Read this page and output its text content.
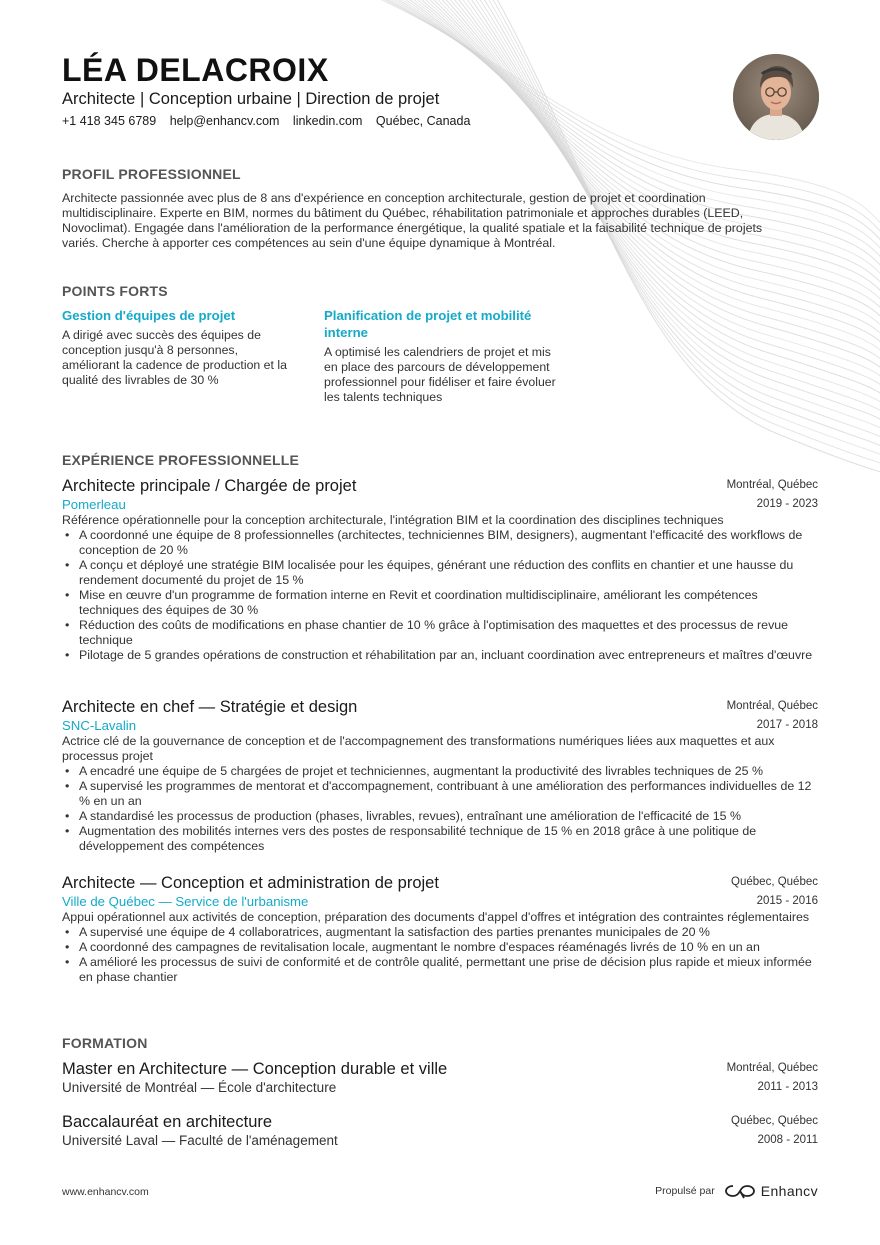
LÉA DELACROIX
Architecte | Conception urbaine | Direction de projet
+1 418 345 6789 help@enhancv.com linkedin.com Québec, Canada
PROFIL PROFESSIONNEL
Architecte passionnée avec plus de 8 ans d'expérience en conception architecturale, gestion de projet et coordination multidisciplinaire. Experte en BIM, normes du bâtiment du Québec, réhabilitation patrimoniale et approches durables (LEED, Novoclimat). Engagée dans l'amélioration de la performance énergétique, la qualité spatiale et la faisabilité technique de projets variés. Cherche à apporter ces compétences au sein d'une équipe dynamique à Montréal.
POINTS FORTS
Gestion d'équipes de projet
A dirigé avec succès des équipes de conception jusqu'à 8 personnes, améliorant la cadence de production et la qualité des livrables de 30 %
Planification de projet et mobilité interne
A optimisé les calendriers de projet et mis en place des parcours de développement professionnel pour fidéliser et faire évoluer les talents techniques
EXPÉRIENCE PROFESSIONNELLE
Montréal, Québec
2019 - 2023
Architecte principale / Chargée de projet
Pomerleau
Référence opérationnelle pour la conception architecturale, l'intégration BIM et la coordination des disciplines techniques
• A coordonné une équipe de 8 professionnelles (architectes, techniciennes BIM, designers), augmentant l'efficacité des workflows de conception de 20 %
• A conçu et déployé une stratégie BIM localisée pour les équipes, générant une réduction des conflits en chantier et une hausse du rendement documenté du projet de 15 %
• Mise en œuvre d'un programme de formation interne en Revit et coordination multidisciplinaire, améliorant les compétences techniques des équipes de 30 %
• Réduction des coûts de modifications en phase chantier de 10 % grâce à l'optimisation des maquettes et des processus de revue technique
• Pilotage de 5 grandes opérations de construction et réhabilitation par an, incluant coordination avec entrepreneurs et maîtres d'œuvre
Montréal, Québec
2017 - 2018
Architecte en chef — Stratégie et design
SNC-Lavalin
Actrice clé de la gouvernance de conception et de l'accompagnement des transformations numériques liées aux maquettes et aux processus projet
• A encadré une équipe de 5 chargées de projet et techniciennes, augmentant la productivité des livrables techniques de 25 %
• A supervisé les programmes de mentorat et d'accompagnement, contribuant à une amélioration des performances individuelles de 12 % en un an
• A standardisé les processus de production (phases, livrables, revues), entraînant une amélioration de l'efficacité de 15 %
• Augmentation des mobilités internes vers des postes de responsabilité technique de 15 % en 2018 grâce à une politique de développement des compétences
Québec, Québec
2015 - 2016
Architecte — Conception et administration de projet
Ville de Québec — Service de l'urbanisme
Appui opérationnel aux activités de conception, préparation des documents d'appel d'offres et intégration des contraintes réglementaires
• A supervisé une équipe de 4 collaboratrices, augmentant la satisfaction des parties prenantes municipales de 20 %
• A coordonné des campagnes de revitalisation locale, augmentant le nombre d'espaces réaménagés livrés de 10 % en un an
• A amélioré les processus de suivi de conformité et de contrôle qualité, permettant une prise de décision plus rapide et mieux informée en phase chantier
FORMATION
Montréal, Québec
2011 - 2013
Master en Architecture — Conception durable et ville
Université de Montréal — École d'architecture
Québec, Québec
2008 - 2011
Baccalauréat en architecture
Université Laval — Faculté de l'aménagement
www.enhancv.com	Propulsé par	Enhancv
